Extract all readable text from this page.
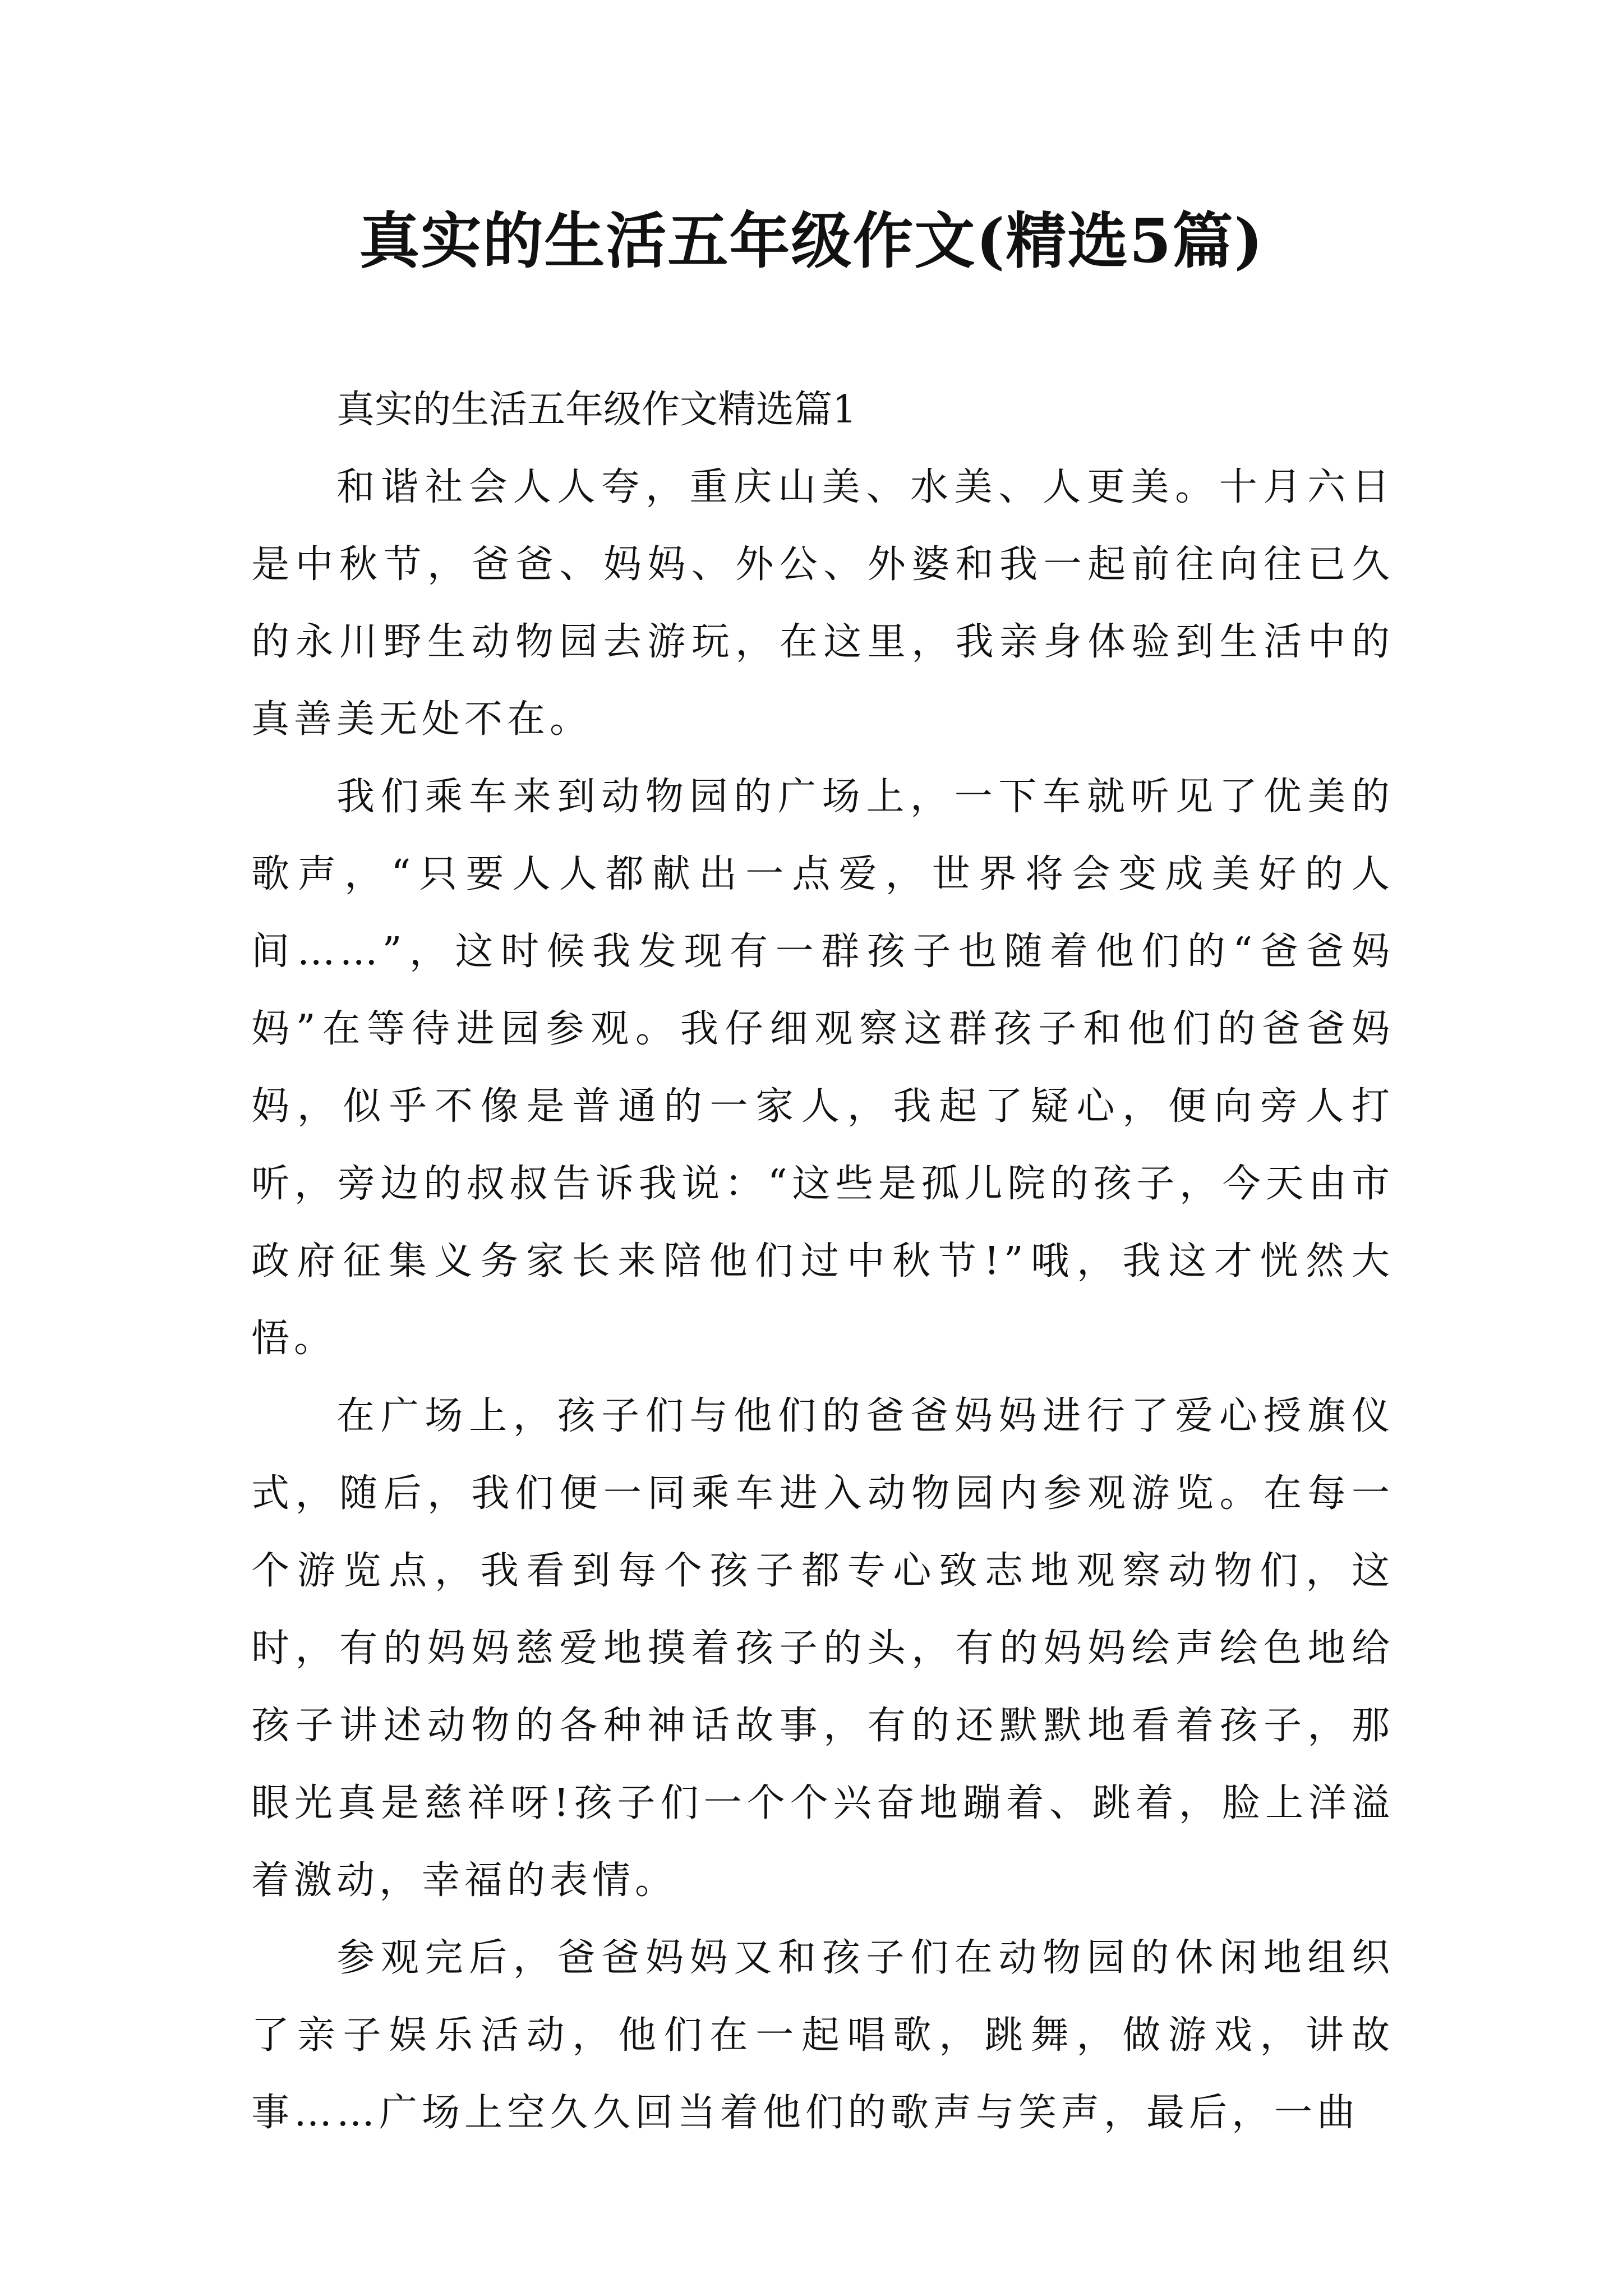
真实的生活五年级作文(精选5篇)

真实的生活五年级作文精选篇1

和谐社会人人夸，重庆山美、水美、人更美。十月六日是中秋节，爸爸、妈妈、外公、外婆和我一起前往向往已久的永川野生动物园去游玩，在这里，我亲身体验到生活中的真善美无处不在。

我们乘车来到动物园的广场上，一下车就听见了优美的歌声，“只要人人都献出一点爱，世界将会变成美好的人间……”，这时候我发现有一群孩子也随着他们的“爸爸妈妈”在等待进园参观。我仔细观察这群孩子和他们的爸爸妈妈，似乎不像是普通的一家人，我起了疑心，便向旁人打听，旁边的叔叔告诉我说：“这些是孤儿院的孩子，今天由市政府征集义务家长来陪他们过中秋节!”哦，我这才恍然大悟。

在广场上，孩子们与他们的爸爸妈妈进行了爱心授旗仪式，随后，我们便一同乘车进入动物园内参观游览。在每一个游览点，我看到每个孩子都专心致志地观察动物们，这时，有的妈妈慈爱地摸着孩子的头，有的妈妈绘声绘色地给孩子讲述动物的各种神话故事，有的还默默地看着孩子，那眼光真是慈祥呀!孩子们一个个兴奋地蹦着、跳着，脸上洋溢着激动，幸福的表情。

参观完后，爸爸妈妈又和孩子们在动物园的休闲地组织了亲子娱乐活动，他们在一起唱歌，跳舞，做游戏，讲故事……广场上空久久回当着他们的歌声与笑声，最后，一曲
